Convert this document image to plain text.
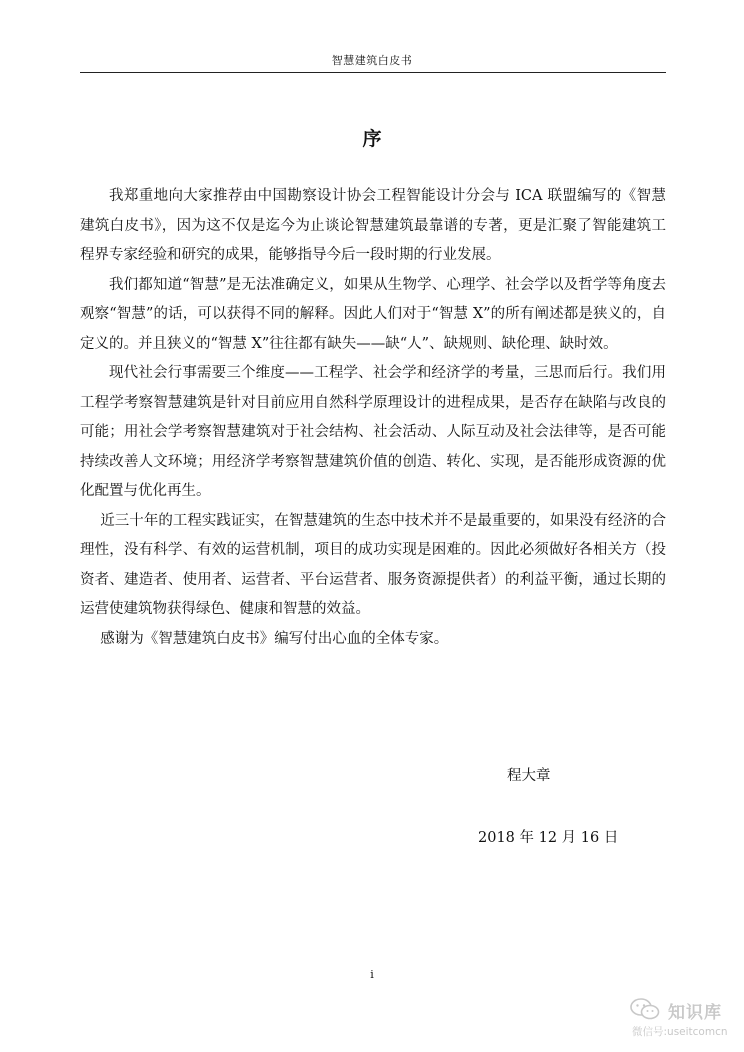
智慧建筑白皮书
序

我郑重地向大家推荐由中国勘察设计协会工程智能设计分会与 ICA 联盟编写的《智慧建筑白皮书》，因为这不仅是迄今为止谈论智慧建筑最靠谱的专著，更是汇聚了智能建筑工程界专家经验和研究的成果，能够指导今后一段时期的行业发展。

我们都知道“智慧”是无法准确定义，如果从生物学、心理学、社会学以及哲学等角度去观察“智慧”的话，可以获得不同的解释。因此人们对于“智慧 X”的所有阐述都是狭义的，自定义的。并且狭义的“智慧 X”往往都有缺失——缺“人”、缺规则、缺伦理、缺时效。

现代社会行事需要三个维度——工程学、社会学和经济学的考量，三思而后行。我们用工程学考察智慧建筑是针对目前应用自然科学原理设计的进程成果，是否存在缺陷与改良的可能；用社会学考察智慧建筑对于社会结构、社会活动、人际互动及社会法律等，是否可能持续改善人文环境；用经济学考察智慧建筑价值的创造、转化、实现，是否能形成资源的优化配置与优化再生。

近三十年的工程实践证实，在智慧建筑的生态中技术并不是最重要的，如果没有经济的合理性，没有科学、有效的运营机制，项目的成功实现是困难的。因此必须做好各相关方（投资者、建造者、使用者、运营者、平台运营者、服务资源提供者）的利益平衡，通过长期的运营使建筑物获得绿色、健康和智慧的效益。

感谢为《智慧建筑白皮书》编写付出心血的全体专家。

程大章
2018 年 12 月 16 日
i
知识库
微信号:useitcomcn
